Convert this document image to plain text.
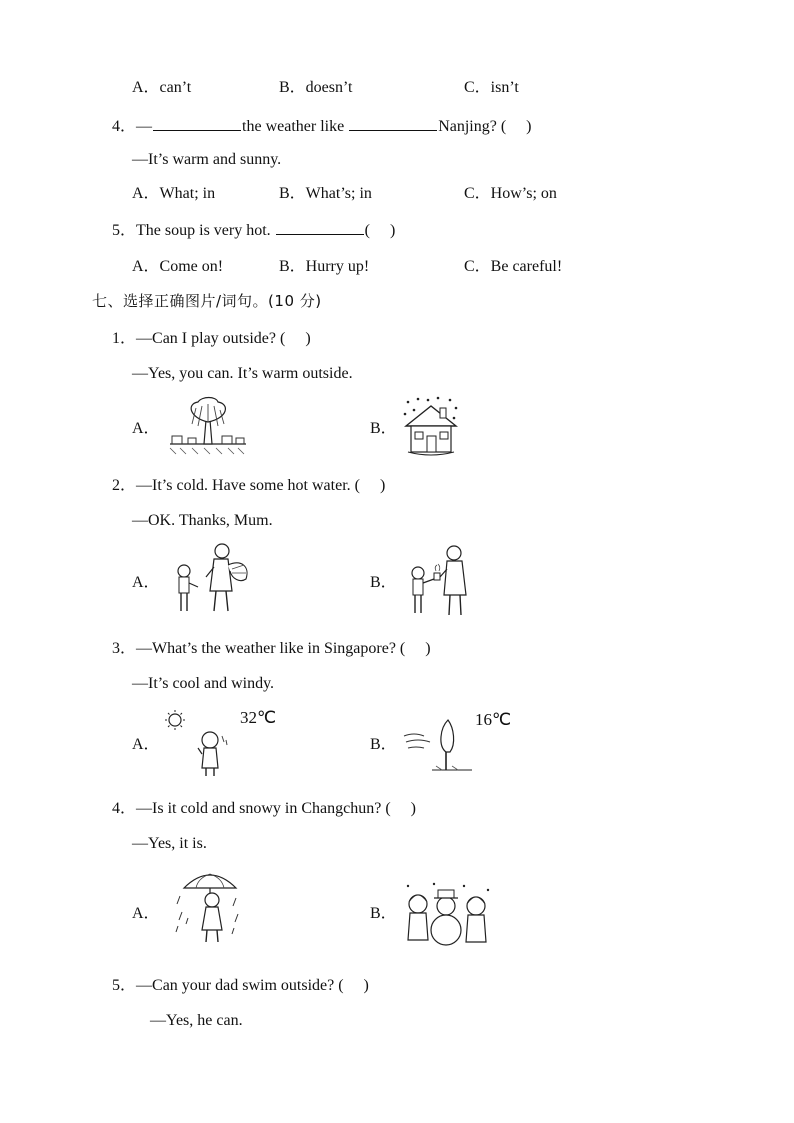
A．can’t	B．doesn’t	C．isn’t
4．—	the weather like	Nanjing? (　 )
—It’s warm and sunny.
A．What; in	B．What’s; in	C．How’s; on
5．The soup is very hot.	(　 )
A．Come on!	B．Hurry up!	C．Be careful!
七、选择正确图片/词句。(10 分)
1．—Can I play outside? (　 )
—Yes, you can. It’s warm outside.
A．	B．
2．—It’s cold. Have some hot water. (　 )
—OK. Thanks, Mum.
A．	B．
3．—What’s the weather like in Singapore? (　 )
—It’s cool and windy.
A．
32℃
B．
16℃
4．—Is it cold and snowy in Changchun? (　 )
—Yes, it is.
A．	B．
5．—Can your dad swim outside? (　 )
—Yes, he can.
